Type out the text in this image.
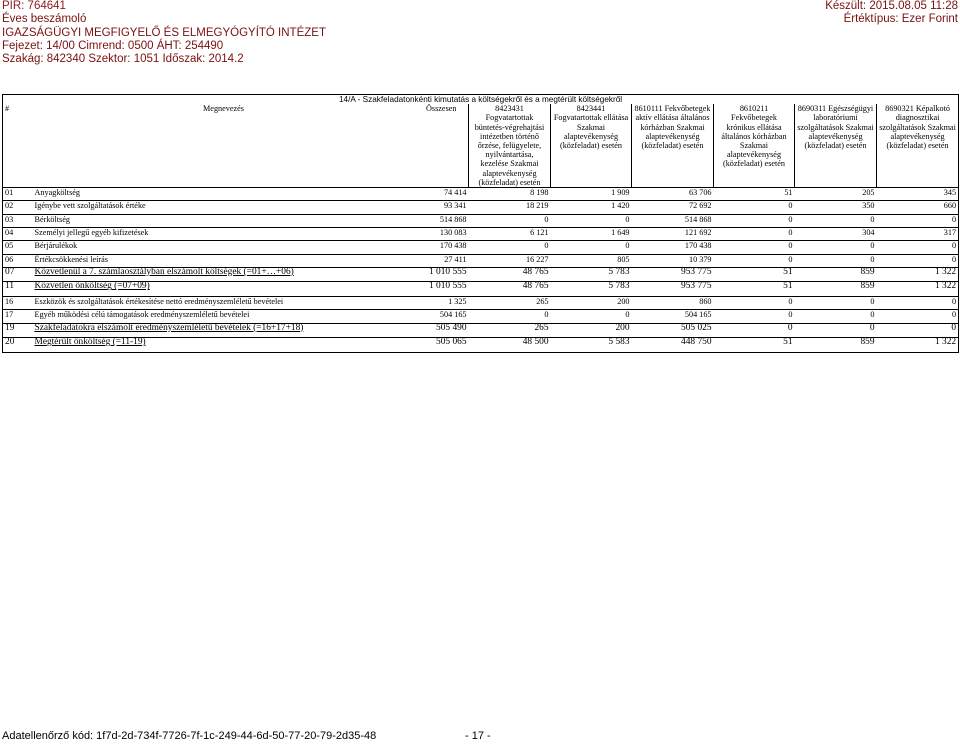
PIR: 764641
Éves beszámoló
IGAZSÁGÜGYI MEGFIGYELŐ ÉS ELMEGYÓGYÍTÓ INTÉZET
Fejezet: 14/00 Cimrend: 0500 ÁHT: 254490
Szakág: 842340 Szektor: 1051 Időszak: 2014.2
Készült: 2015.08.05 11:28
Értéktípus: Ezer Forint
14/A - Szakfeladatonkénti kimutatás a költségekről és a megtérült költségekről								
#	Megnevezés	Összesen	8423431 Fogvatartottak büntetés-végrehajtási intézetben történő őrzése, felügyelete, nyilvántartása, kezelése Szakmai alaptevékenység (közfeladat) esetén	8423441 Fogvatartottak ellátása Szakmai alaptevékenység (közfeladat) esetén	8610111 Fekvőbetegek aktív ellátása általános kórházban Szakmai alaptevékenység (közfeladat) esetén	8610211 Fekvőbetegek krónikus ellátása általános kórházban Szakmai alaptevékenység (közfeladat) esetén	8690311 Egészségügyi laboratóriumi szolgáltatások Szakmai alaptevékenység (közfeladat) esetén	8690321 Képalkotó diagnosztikai szolgáltatások Szakmai alaptevékenység (közfeladat) esetén
01	Anyagköltség	74 414	8 198	1 909	63 706	51	205	345
02	Igénybe vett szolgáltatások értéke	93 341	18 219	1 420	72 692	0	350	660
03	Bérköltség	514 868	0	0	514 868	0	0	0
04	Személyi jellegű egyéb kifizetések	130 083	6 121	1 649	121 692	0	304	317
05	Bérjárulékok	170 438	0	0	170 438	0	0	0
06	Értékcsökkenési leírás	27 411	16 227	805	10 379	0	0	0
07	Közvetlenül a 7. számlaosztályban elszámolt költségek (=01+…+06)	1 010 555	48 765	5 783	953 775	51	859	1 322
11	Közvetlen önköltség (=07+09)	1 010 555	48 765	5 783	953 775	51	859	1 322
16	Eszközök és szolgáltatások értékesítése nettó eredményszemléletű bevételei	1 325	265	200	860	0	0	0
17	Egyéb működési célú támogatások eredményszemléletű bevételei	504 165	0	0	504 165	0	0	0
19	Szakfeladatokra elszámolt eredményszemléletű bevételek (=16+17+18)	505 490	265	200	505 025	0	0	0
20	Megtérült önköltség (=11-19)	505 065	48 500	5 583	448 750	51	859	1 322
Adatellenőrző kód: 1f7d-2d-734f-7726-7f-1c-249-44-6d-50-77-20-79-2d35-48	- 17 -
